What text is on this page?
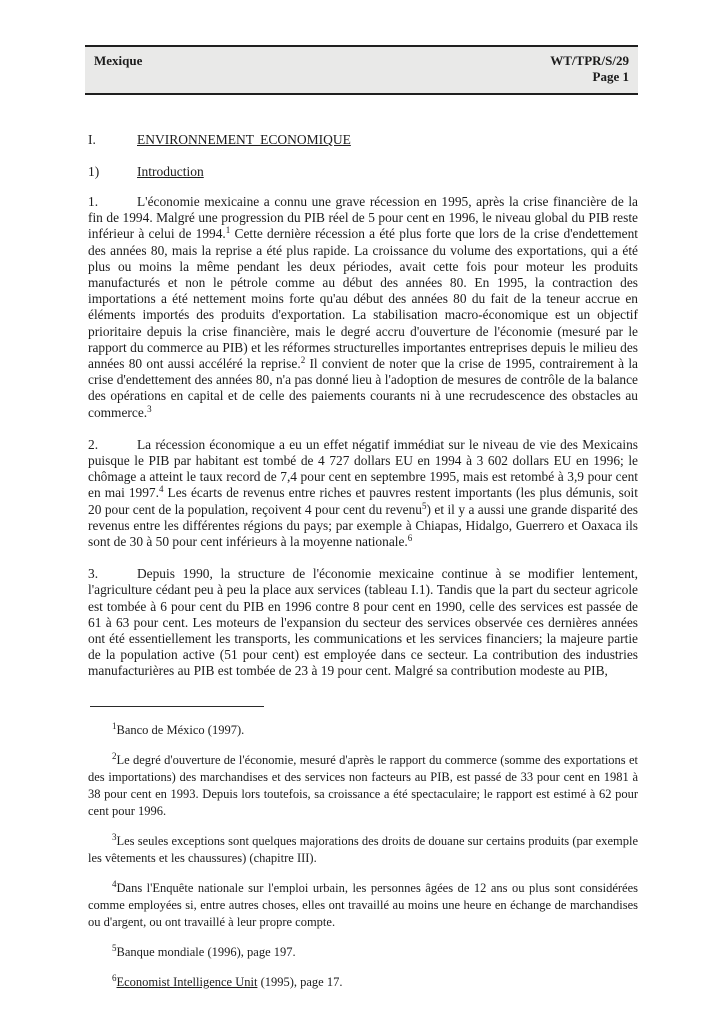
Mexique	WT/TPR/S/29
Page 1
I.	ENVIRONNEMENT ECONOMIQUE
1)	Introduction

1.	L'économie mexicaine a connu une grave récession en 1995, après la crise financière de la fin de 1994. Malgré une progression du PIB réel de 5 pour cent en 1996, le niveau global du PIB reste inférieur à celui de 1994.$^1$ Cette dernière récession a été plus forte que lors de la crise d'endettement des années 80, mais la reprise a été plus rapide. La croissance du volume des exportations, qui a été plus ou moins la même pendant les deux périodes, avait cette fois pour moteur les produits manufacturés et non le pétrole comme au début des années 80. En 1995, la contraction des importations a été nettement moins forte qu'au début des années 80 du fait de la teneur accrue en éléments importés des produits d'exportation. La stabilisation macro-économique est un objectif prioritaire depuis la crise financière, mais le degré accru d'ouverture de l'économie (mesuré par le rapport du commerce au PIB) et les réformes structurelles importantes entreprises depuis le milieu des années 80 ont aussi accéléré la reprise.$^2$ Il convient de noter que la crise de 1995, contrairement à la crise d'endettement des années 80, n'a pas donné lieu à l'adoption de mesures de contrôle de la balance des opérations en capital et de celle des paiements courants ni à une recrudescence des obstacles au commerce.$^3$

2.	La récession économique a eu un effet négatif immédiat sur le niveau de vie des Mexicains puisque le PIB par habitant est tombé de 4 727 dollars EU en 1994 à 3 602 dollars EU en 1996; le chômage a atteint le taux record de 7,4 pour cent en septembre 1995, mais est retombé à 3,9 pour cent en mai 1997.$^4$ Les écarts de revenus entre riches et pauvres restent importants (les plus démunis, soit 20 pour cent de la population, reçoivent 4 pour cent du revenu$^5$) et il y a aussi une grande disparité des revenus entre les différentes régions du pays; par exemple à Chiapas, Hidalgo, Guerrero et Oaxaca ils sont de 30 à 50 pour cent inférieurs à la moyenne nationale.$^6$

3.	Depuis 1990, la structure de l'économie mexicaine continue à se modifier lentement, l'agriculture cédant peu à peu la place aux services (tableau I.1). Tandis que la part du secteur agricole est tombée à 6 pour cent du PIB en 1996 contre 8 pour cent en 1990, celle des services est passée de 61 à 63 pour cent. Les moteurs de l'expansion du secteur des services observée ces dernières années ont été essentiellement les transports, les communications et les services financiers; la majeure partie de la population active (51 pour cent) est employée dans ce secteur. La contribution des industries manufacturières au PIB est tombée de 23 à 19 pour cent. Malgré sa contribution modeste au PIB,

$^1$Banco de México (1997).

$^2$Le degré d'ouverture de l'économie, mesuré d'après le rapport du commerce (somme des exportations et des importations) des marchandises et des services non facteurs au PIB, est passé de 33 pour cent en 1981 à 38 pour cent en 1993. Depuis lors toutefois, sa croissance a été spectaculaire; le rapport est estimé à 62 pour cent pour 1996.

$^3$Les seules exceptions sont quelques majorations des droits de douane sur certains produits (par exemple les vêtements et les chaussures) (chapitre III).

$^4$Dans l'Enquête nationale sur l'emploi urbain, les personnes âgées de 12 ans ou plus sont considérées comme employées si, entre autres choses, elles ont travaillé au moins une heure en échange de marchandises ou d'argent, ou ont travaillé à leur propre compte.

$^5$Banque mondiale (1996), page 197.

$^6$Economist Intelligence Unit (1995), page 17.
